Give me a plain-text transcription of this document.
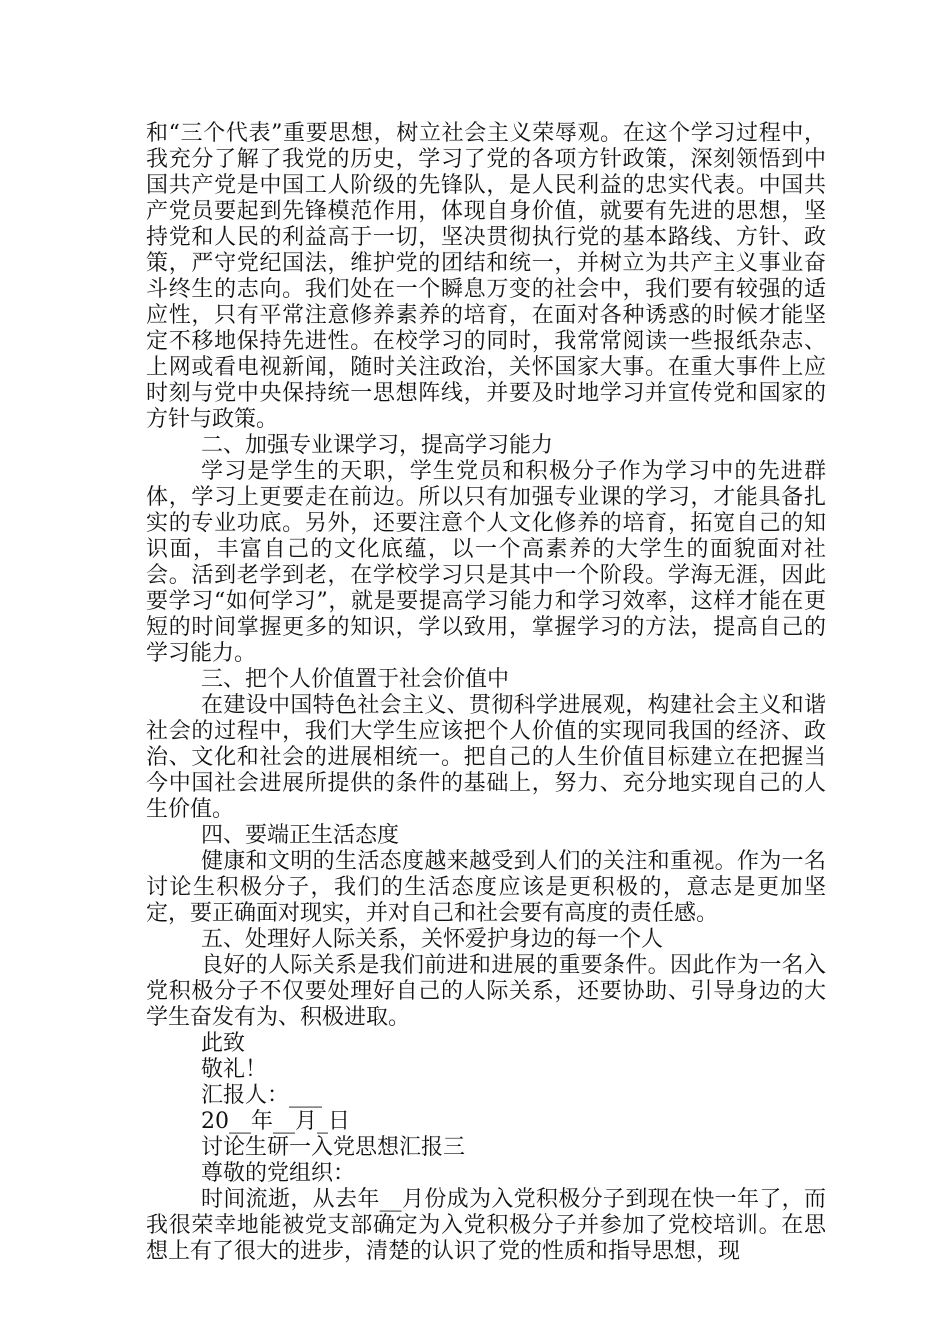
和“三个代表”重要思想，树立社会主义荣辱观。在这个学习过程中，我充分了解了我党的历史，学习了党的各项方针政策，深刻领悟到中国共产党是中国工人阶级的先锋队，是人民利益的忠实代表。中国共产党员要起到先锋模范作用，体现自身价值，就要有先进的思想，坚持党和人民的利益高于一切，坚决贯彻执行党的基本路线、方针、政策，严守党纪国法，维护党的团结和统一，并树立为共产主义事业奋斗终生的志向。我们处在一个瞬息万变的社会中，我们要有较强的适应性，只有平常注意修养素养的培育，在面对各种诱惑的时候才能坚定不移地保持先进性。在校学习的同时，我常常阅读一些报纸杂志、上网或看电视新闻，随时关注政治，关怀国家大事。在重大事件上应时刻与党中央保持统一思想阵线，并要及时地学习并宣传党和国家的方针与政策。

二、加强专业课学习，提高学习能力

学习是学生的天职，学生党员和积极分子作为学习中的先进群体，学习上更要走在前边。所以只有加强专业课的学习，才能具备扎实的专业功底。另外，还要注意个人文化修养的培育，拓宽自己的知识面，丰富自己的文化底蕴，以一个高素养的大学生的面貌面对社会。活到老学到老，在学校学习只是其中一个阶段。学海无涯，因此要学习“如何学习”，就是要提高学习能力和学习效率，这样才能在更短的时间掌握更多的知识，学以致用，掌握学习的方法，提高自己的学习能力。

三、把个人价值置于社会价值中

在建设中国特色社会主义、贯彻科学进展观，构建社会主义和谐社会的过程中，我们大学生应该把个人价值的实现同我国的经济、政治、文化和社会的进展相统一。把自己的人生价值目标建立在把握当今中国社会进展所提供的条件的基础上，努力、充分地实现自己的人生价值。

四、要端正生活态度

健康和文明的生活态度越来越受到人们的关注和重视。作为一名讨论生积极分子，我们的生活态度应该是更积极的，意志是更加坚定，要正确面对现实，并对自己和社会要有高度的责任感。

五、处理好人际关系，关怀爱护身边的每一个人

良好的人际关系是我们前进和进展的重要条件。因此作为一名入党积极分子不仅要处理好自己的人际关系，还要协助、引导身边的大学生奋发有为、积极进取。

此致

敬礼！

汇报人：___

20__年__月_日

讨论生研一入党思想汇报三

尊敬的党组织：

时间流逝，从去年__月份成为入党积极分子到现在快一年了，而我很荣幸地能被党支部确定为入党积极分子并参加了党校培训。在思想上有了很大的进步，清楚的认识了党的性质和指导思想，现
